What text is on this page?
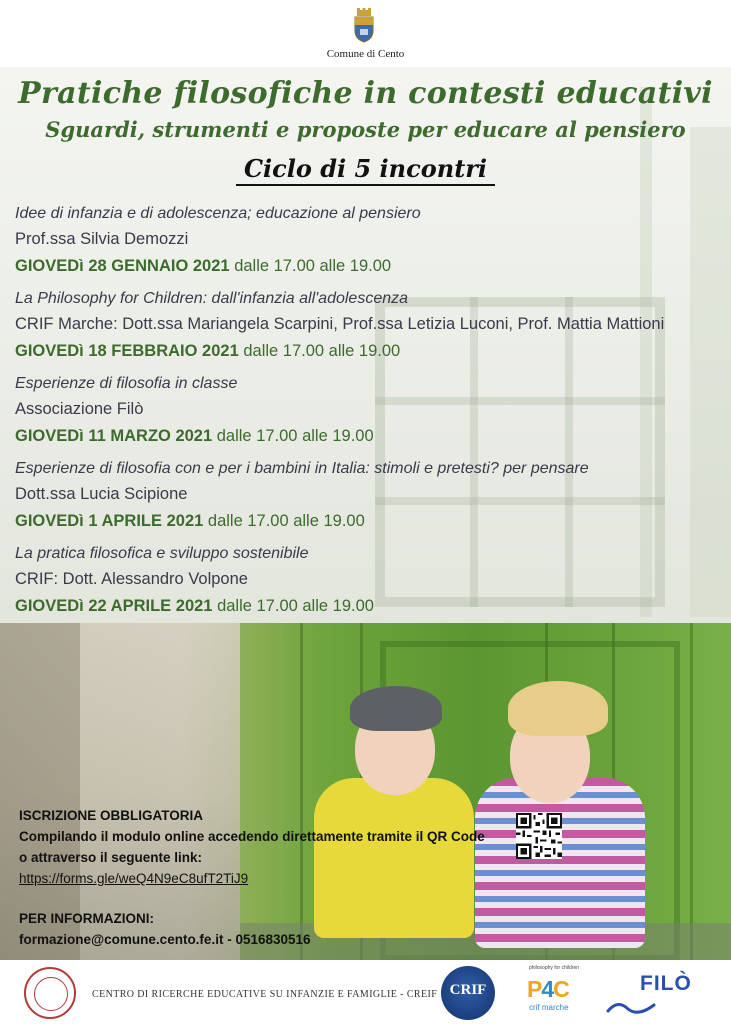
Comune di Cento
Pratiche filosofiche in contesti educativi
Sguardi, strumenti e proposte per educare al pensiero
Ciclo di 5 incontri
Idee di infanzia e di adolescenza; educazione al pensiero
Prof.ssa Silvia Demozzi
GIOVEDì 28 GENNAIO 2021 dalle 17.00 alle 19.00
La Philosophy for Children: dall'infanzia all'adolescenza
CRIF Marche: Dott.ssa Mariangela Scarpini, Prof.ssa Letizia Luconi, Prof. Mattia Mattioni
GIOVEDì 18 FEBBRAIO 2021 dalle 17.00 alle 19.00
Esperienze di filosofia in classe
Associazione Filò
GIOVEDì 11 MARZO 2021 dalle 17.00 alle 19.00
Esperienze di filosofia con e per i bambini in Italia: stimoli e pretesti? per pensare
Dott.ssa Lucia Scipione
GIOVEDì 1 APRILE 2021 dalle 17.00 alle 19.00
La pratica filosofica e sviluppo sostenibile
CRIF: Dott. Alessandro Volpone
GIOVEDì 22 APRILE 2021 dalle 17.00 alle 19.00
ISCRIZIONE OBBLIGATORIA
Compilando il modulo online accedendo direttamente tramite il QR Code
o attraverso il seguente link:
https://forms.gle/weQ4N9eC8ufT2TiJ9
PER INFORMAZIONI:
formazione@comune.cento.fe.it - 0516830516
CENTRO DI RICERCHE EDUCATIVE SU INFANZIE E FAMIGLIE - CREIF CRIF
philosophy for children
P4C
crif marche
FILÒ
